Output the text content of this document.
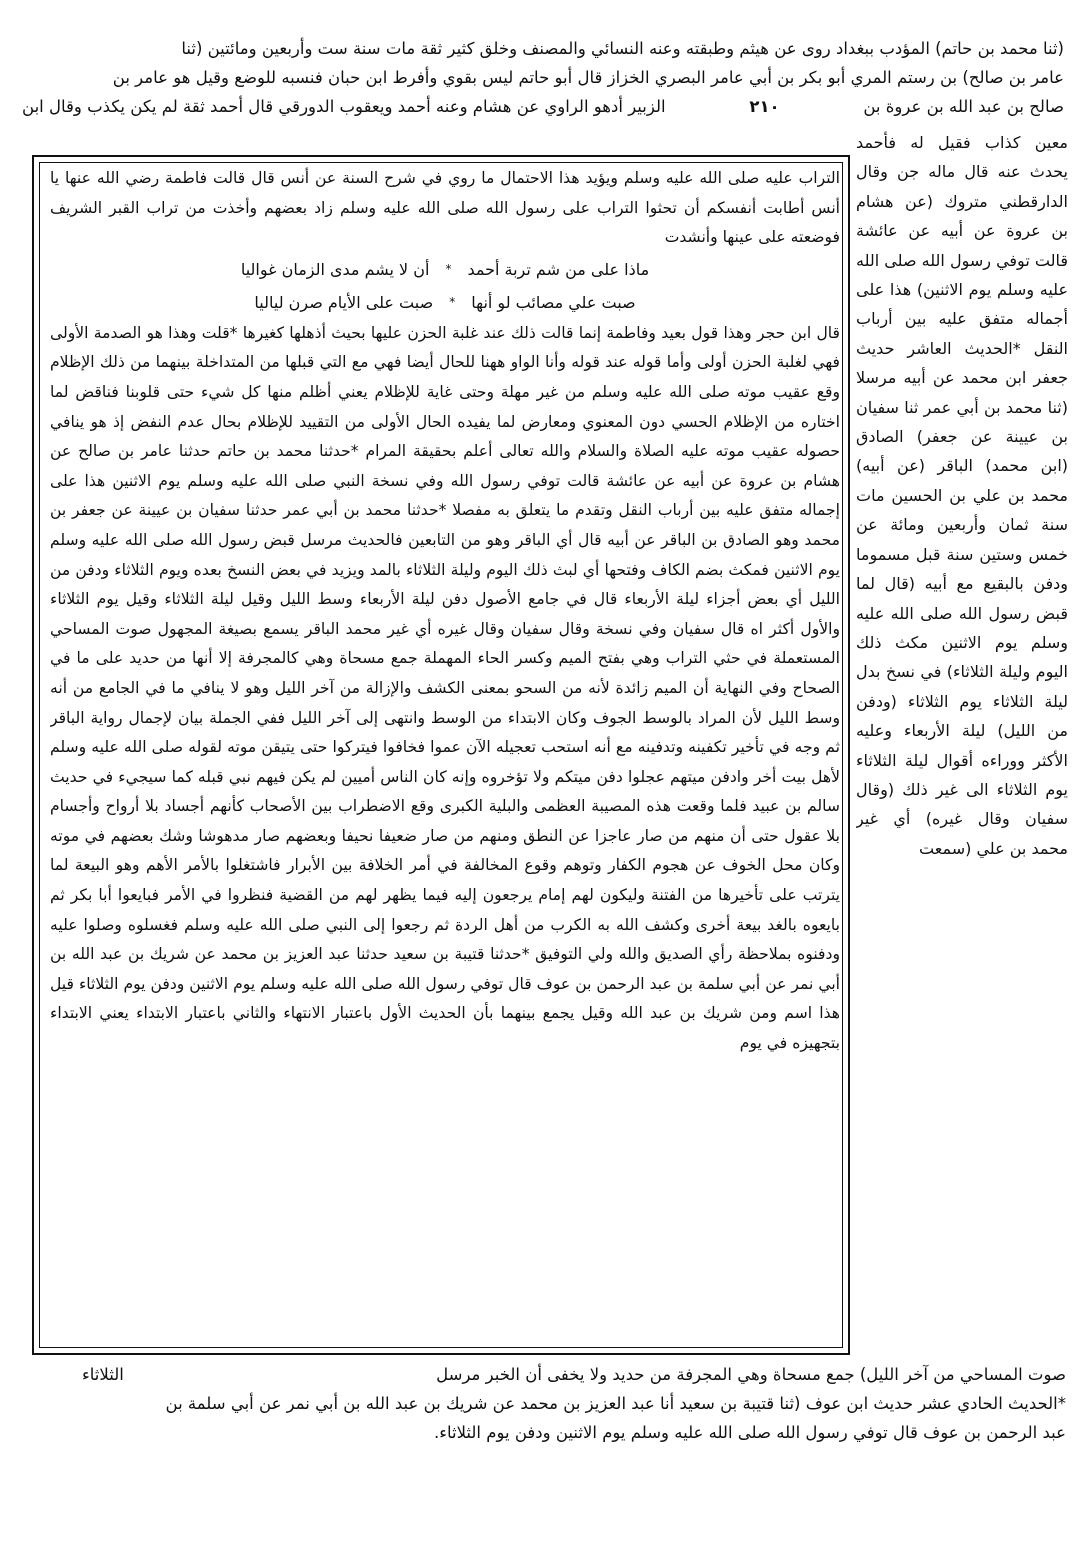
(ثنا محمد بن حاتم) المؤدب ببغداد روى عن هيثم وطبقته وعنه النسائي والمصنف وخلق كثير ثقة مات سنة ست وأربعين ومائتين (ثنا
عامر بن صالح) بن رستم المري أبو بكر بن أبي عامر البصري الخزاز قال أبو حاتم ليس بقوي وأفرط ابن حبان فنسبه للوضع وقيل هو عامر بن
صالح بن عبد الله بن عروة بن
٢١٠
الزبير أدهو الراوي عن هشام وعنه أحمد ويعقوب الدورقي قال أحمد ثقة لم يكن يكذب وقال ابن
معين كذاب فقيل له فأحمد يحدث عنه قال ماله جن وقال الدارقطني متروك (عن هشام بن عروة عن أبيه عن عائشة قالت توفي رسول الله صلى الله عليه وسلم يوم الاثنين) هذا على أجماله متفق عليه بين أرباب النقل *الحديث العاشر حديث جعفر ابن محمد عن أبيه مرسلا (ثنا محمد بن أبي عمر ثنا سفيان بن عيينة عن جعفر) الصادق (ابن محمد) الباقر (عن أبيه) محمد بن علي بن الحسين مات سنة ثمان وأربعين ومائة عن خمس وستين سنة قبل مسموما ودفن بالبقيع مع أبيه (قال لما قبض رسول الله صلى الله عليه وسلم يوم الاثنين مكث ذلك اليوم وليلة الثلاثاء) في نسخ بدل ليلة الثلاثاء يوم الثلاثاء (ودفن من الليل) ليلة الأربعاء وعليه الأكثر ووراءه أقوال ليلة الثلاثاء يوم الثلاثاء الى غير ذلك (وقال سفيان وقال غيره) أي غير محمد بن علي (سمعت

التراب عليه صلى الله عليه وسلم ويؤيد هذا الاحتمال ما روي في شرح السنة عن أنس قال قالت فاطمة رضي الله عنها يا أنس أطابت أنفسكم أن تحثوا التراب على رسول الله صلى الله عليه وسلم زاد بعضهم وأخذت من تراب القبر الشريف فوضعته على عينها وأنشدت

ماذا على من شم تربة أحمد
*
أن لا يشم مدى الزمان غواليا
صبت علي مصائب لو أنها
*
صبت على الأيام صرن لياليا

قال ابن حجر وهذا قول بعيد وفاطمة إنما قالت ذلك عند غلبة الحزن عليها بحيث أذهلها كغيرها *قلت وهذا هو الصدمة الأولى فهي لغلبة الحزن أولى وأما قوله عند قوله وأنا الواو ههنا للحال أيضا فهي مع التي قبلها من المتداخلة بينهما من ذلك الإظلام وقع عقيب موته صلى الله عليه وسلم من غير مهلة وحتى غاية للإظلام يعني أظلم منها كل شيء حتى قلوبنا فناقض لما اختاره من الإظلام الحسي دون المعنوي ومعارض لما يفيده الحال الأولى من التقييد للإظلام بحال عدم النفض إذ هو ينافي حصوله عقيب موته عليه الصلاة والسلام والله تعالى أعلم بحقيقة المرام *حدثنا محمد بن حاتم حدثنا عامر بن صالح عن هشام بن عروة عن أبيه عن عائشة قالت توفي رسول الله وفي نسخة النبي صلى الله عليه وسلم يوم الاثنين هذا على إجماله متفق عليه بين أرباب النقل وتقدم ما يتعلق به مفصلا *حدثنا محمد بن أبي عمر حدثنا سفيان بن عيينة عن جعفر بن محمد وهو الصادق بن الباقر عن أبيه قال أي الباقر وهو من التابعين فالحديث مرسل قبض رسول الله صلى الله عليه وسلم يوم الاثنين فمكث بضم الكاف وفتحها أي لبث ذلك اليوم وليلة الثلاثاء بالمد ويزيد في بعض النسخ بعده ويوم الثلاثاء ودفن من الليل أي بعض أجزاء ليلة الأربعاء قال في جامع الأصول دفن ليلة الأربعاء وسط الليل وقيل ليلة الثلاثاء وقيل يوم الثلاثاء والأول أكثر اه قال سفيان وفي نسخة وقال سفيان وقال غيره أي غير محمد الباقر يسمع بصيغة المجهول صوت المساحي المستعملة في حثي التراب وهي بفتح الميم وكسر الحاء المهملة جمع مسحاة وهي كالمجرفة إلا أنها من حديد على ما في الصحاح وفي النهاية أن الميم زائدة لأنه من السحو بمعنى الكشف والإزالة من آخر الليل وهو لا ينافي ما في الجامع من أنه وسط الليل لأن المراد بالوسط الجوف وكان الابتداء من الوسط وانتهى إلى آخر الليل ففي الجملة بيان لإجمال رواية الباقر ثم وجه في تأخير تكفينه وتدفينه مع أنه استحب تعجيله الآن عموا فخافوا فيتركوا حتى يتيقن موته لقوله صلى الله عليه وسلم لأهل بيت أخر وادفن ميتهم عجلوا دفن ميتكم ولا تؤخروه وإنه كان الناس أميين لم يكن فيهم نبي قبله كما سيجيء في حديث سالم بن عبيد فلما وقعت هذه المصيبة العظمى والبلية الكبرى وقع الاضطراب بين الأصحاب كأنهم أجساد بلا أرواح وأجسام بلا عقول حتى أن منهم من صار عاجزا عن النطق ومنهم من صار ضعيفا نحيفا وبعضهم صار مدهوشا وشك بعضهم في موته وكان محل الخوف عن هجوم الكفار وتوهم وقوع المخالفة في أمر الخلافة بين الأبرار فاشتغلوا بالأمر الأهم وهو البيعة لما يترتب على تأخيرها من الفتنة وليكون لهم إمام يرجعون إليه فيما يظهر لهم من القضية فنظروا في الأمر فبايعوا أبا بكر ثم بايعوه بالغد بيعة أخرى وكشف الله به الكرب من أهل الردة ثم رجعوا إلى النبي صلى الله عليه وسلم فغسلوه وصلوا عليه ودفنوه بملاحظة رأي الصديق والله ولي التوفيق *حدثنا قتيبة بن سعيد حدثنا عبد العزيز بن محمد عن شريك بن عبد الله بن أبي نمر عن أبي سلمة بن عبد الرحمن بن عوف قال توفي رسول الله صلى الله عليه وسلم يوم الاثنين ودفن يوم الثلاثاء قيل هذا اسم ومن شريك بن عبد الله وقيل يجمع بينهما بأن الحديث الأول باعتبار الانتهاء والثاني باعتبار الابتداء يعني الابتداء بتجهيزه في يوم

صوت المساحي من آخر الليل) جمع مسحاة وهي المجرفة من حديد ولا يخفى أن الخبر مرسل
الثلاثاء
*الحديث الحادي عشر حديث ابن عوف (ثنا قتيبة بن سعيد أنا عبد العزيز بن محمد عن شريك بن عبد الله بن أبي نمر عن أبي سلمة بن
عبد الرحمن بن عوف قال توفي رسول الله صلى الله عليه وسلم يوم الاثنين ودفن يوم الثلاثاء.
